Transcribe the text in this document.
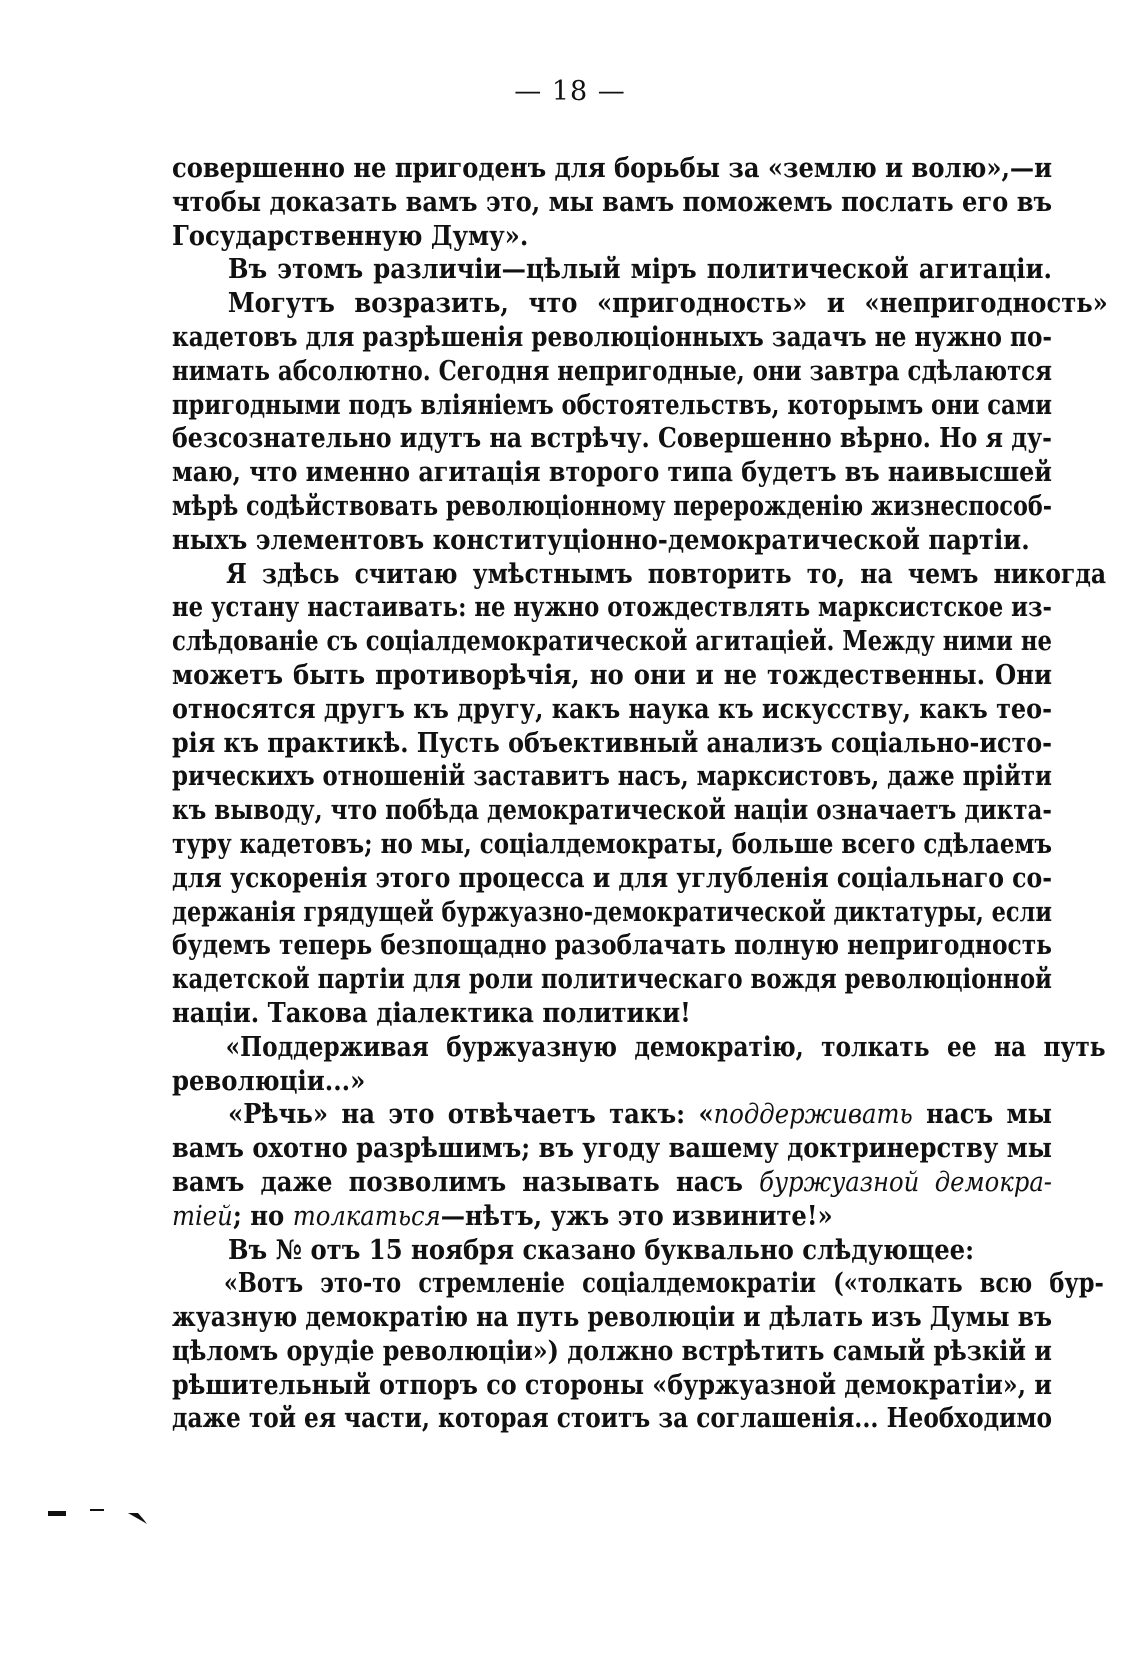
— 18 —
совершенно не пригоденъ для борьбы за «землю и волю»,—и
чтобы доказать вамъ это, мы вамъ поможемъ послать его въ
Государственную Думу».
Въ этомъ различіи—цѣлый міръ политической агитаціи.
Могутъ возразить, что «пригодность» и «непригодность»
кадетовъ для разрѣшенія революціонныхъ задачъ не нужно по-
нимать абсолютно. Сегодня непригодные, они завтра сдѣлаются
пригодными подъ вліяніемъ обстоятельствъ, которымъ они сами
безсознательно идутъ на встрѣчу. Совершенно вѣрно. Но я ду-
маю, что именно агитація второго типа будетъ въ наивысшей
мѣрѣ содѣйствовать революціонному перерожденію жизнеспособ-
ныхъ элементовъ конституціонно-демократической партіи.
Я здѣсь считаю умѣстнымъ повторить то, на чемъ никогда
не устану настаивать: не нужно отождествлять марксистское из-
слѣдованіе съ соціалдемократической агитаціей. Между ними не
можетъ быть противорѣчія, но они и не тождественны. Они
относятся другъ къ другу, какъ наука къ искусству, какъ тео-
рія къ практикѣ. Пусть объективный анализъ соціально-исто-
рическихъ отношеній заставитъ насъ, марксистовъ, даже прійти
къ выводу, что побѣда демократической націи означаетъ дикта-
туру кадетовъ; но мы, соціалдемократы, больше всего сдѣлаемъ
для ускоренія этого процесса и для углубленія соціальнаго со-
держанія грядущей буржуазно-демократической диктатуры, если
будемъ теперь безпощадно разоблачать полную непригодность
кадетской партіи для роли политическаго вождя революціонной
націи. Таковa діалектика политики!
«Поддерживая буржуазную демократію, толкать ее на путь
революціи...»
«Рѣчь» на это отвѣчаетъ такъ: «поддерживать насъ мы
вамъ охотно разрѣшимъ; въ угоду вашему доктринерству мы
вамъ даже позволимъ называть насъ буржуазной демокра-
тіей; но толкаться—нѣтъ, ужъ это извините!»
Въ № отъ 15 ноября сказано буквально слѣдующее:
«Вотъ это-то стремленіе соціалдемократіи («толкать всю бур-
жуазную демократію на путь революціи и дѣлать изъ Думы въ
цѣломъ орудіе революціи») должно встрѣтить самый рѣзкій и
рѣшительный отпоръ со стороны «буржуазной демократіи», и
даже той ея части, которая стоитъ за соглашенія... Необходимо
